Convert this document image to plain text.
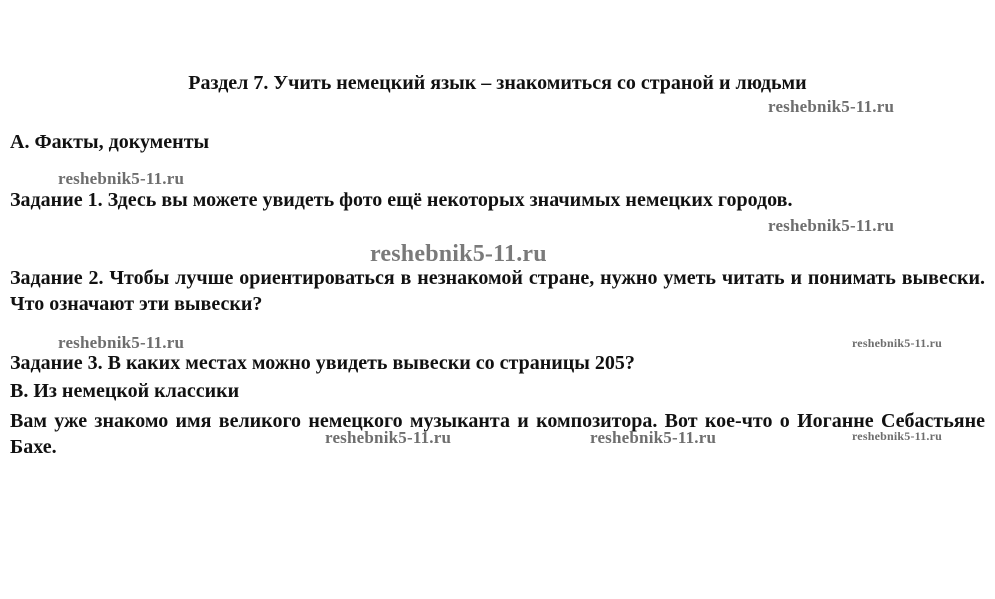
Раздел 7. Учить немецкий язык – знакомиться со страной и людьми
reshebnik5-11.ru

А. Факты, документы

reshebnik5-11.ru

Задание 1. Здесь вы можете увидеть фото ещё некоторых значимых немецких городов.

reshebnik5-11.ru
reshebnik5-11.ru

Задание 2. Чтобы лучше ориентироваться в незнакомой стране, нужно уметь читать и понимать вывески. Что означают эти вывески?

reshebnik5-11.ru	reshebnik5-11.ru

Задание 3. В каких местах можно увидеть вывески со страницы 205?

В. Из немецкой классики

Вам уже знакомо имя великого немецкого музыканта и композитора. Вот кое-что о Иоганне Себастьяне Бахе.	reshebnik5-11.ru	reshebnik5-11.ru	reshebnik5-11.ru
